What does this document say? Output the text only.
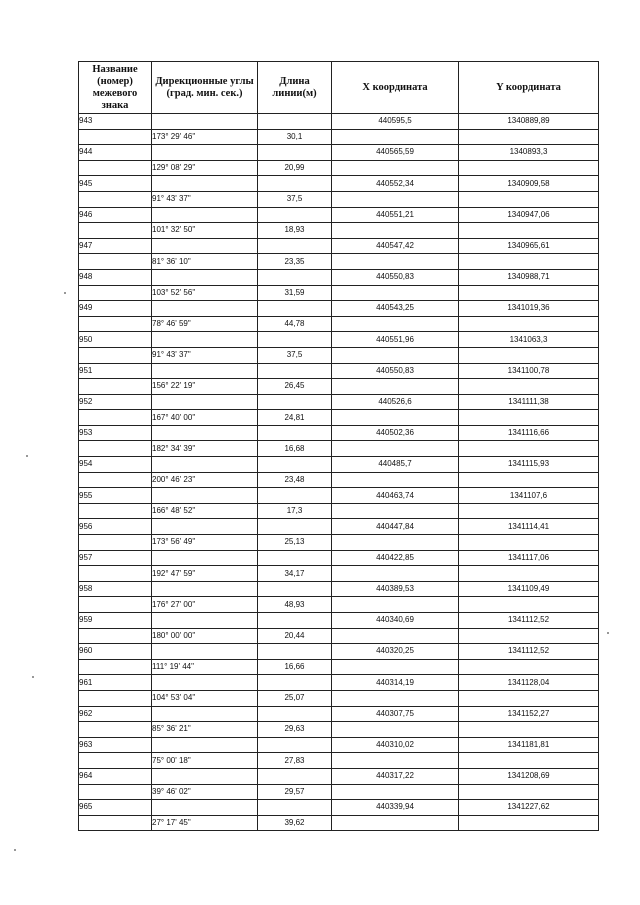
Название (номер) межевого знака	Дирекционные углы (град. мин. сек.)	Длина линии(м)	X координата	Y координата
943			440595,5	1340889,89
	173° 29' 46"	30,1		
944			440565,59	1340893,3
	129° 08' 29"	20,99		
945			440552,34	1340909,58
	91° 43' 37"	37,5		
946			440551,21	1340947,06
	101° 32' 50"	18,93		
947			440547,42	1340965,61
	81° 36' 10"	23,35		
948			440550,83	1340988,71
	103° 52' 56"	31,59		
949			440543,25	1341019,36
	78° 46' 59"	44,78		
950			440551,96	1341063,3
	91° 43' 37"	37,5		
951			440550,83	1341100,78
	156° 22' 19"	26,45		
952			440526,6	1341111,38
	167° 40' 00"	24,81		
953			440502,36	1341116,66
	182° 34' 39"	16,68		
954			440485,7	1341115,93
	200° 46' 23"	23,48		
955			440463,74	1341107,6
	166° 48' 52"	17,3		
956			440447,84	1341114,41
	173° 56' 49"	25,13		
957			440422,85	1341117,06
	192° 47' 59"	34,17		
958			440389,53	1341109,49
	176° 27' 00"	48,93		
959			440340,69	1341112,52
	180° 00' 00"	20,44		
960			440320,25	1341112,52
	111° 19' 44"	16,66		
961			440314,19	1341128,04
	104° 53' 04"	25,07		
962			440307,75	1341152,27
	85° 36' 21"	29,63		
963			440310,02	1341181,81
	75° 00' 18"	27,83		
964			440317,22	1341208,69
	39° 46' 02"	29,57		
965			440339,94	1341227,62
	27° 17' 45"	39,62		
